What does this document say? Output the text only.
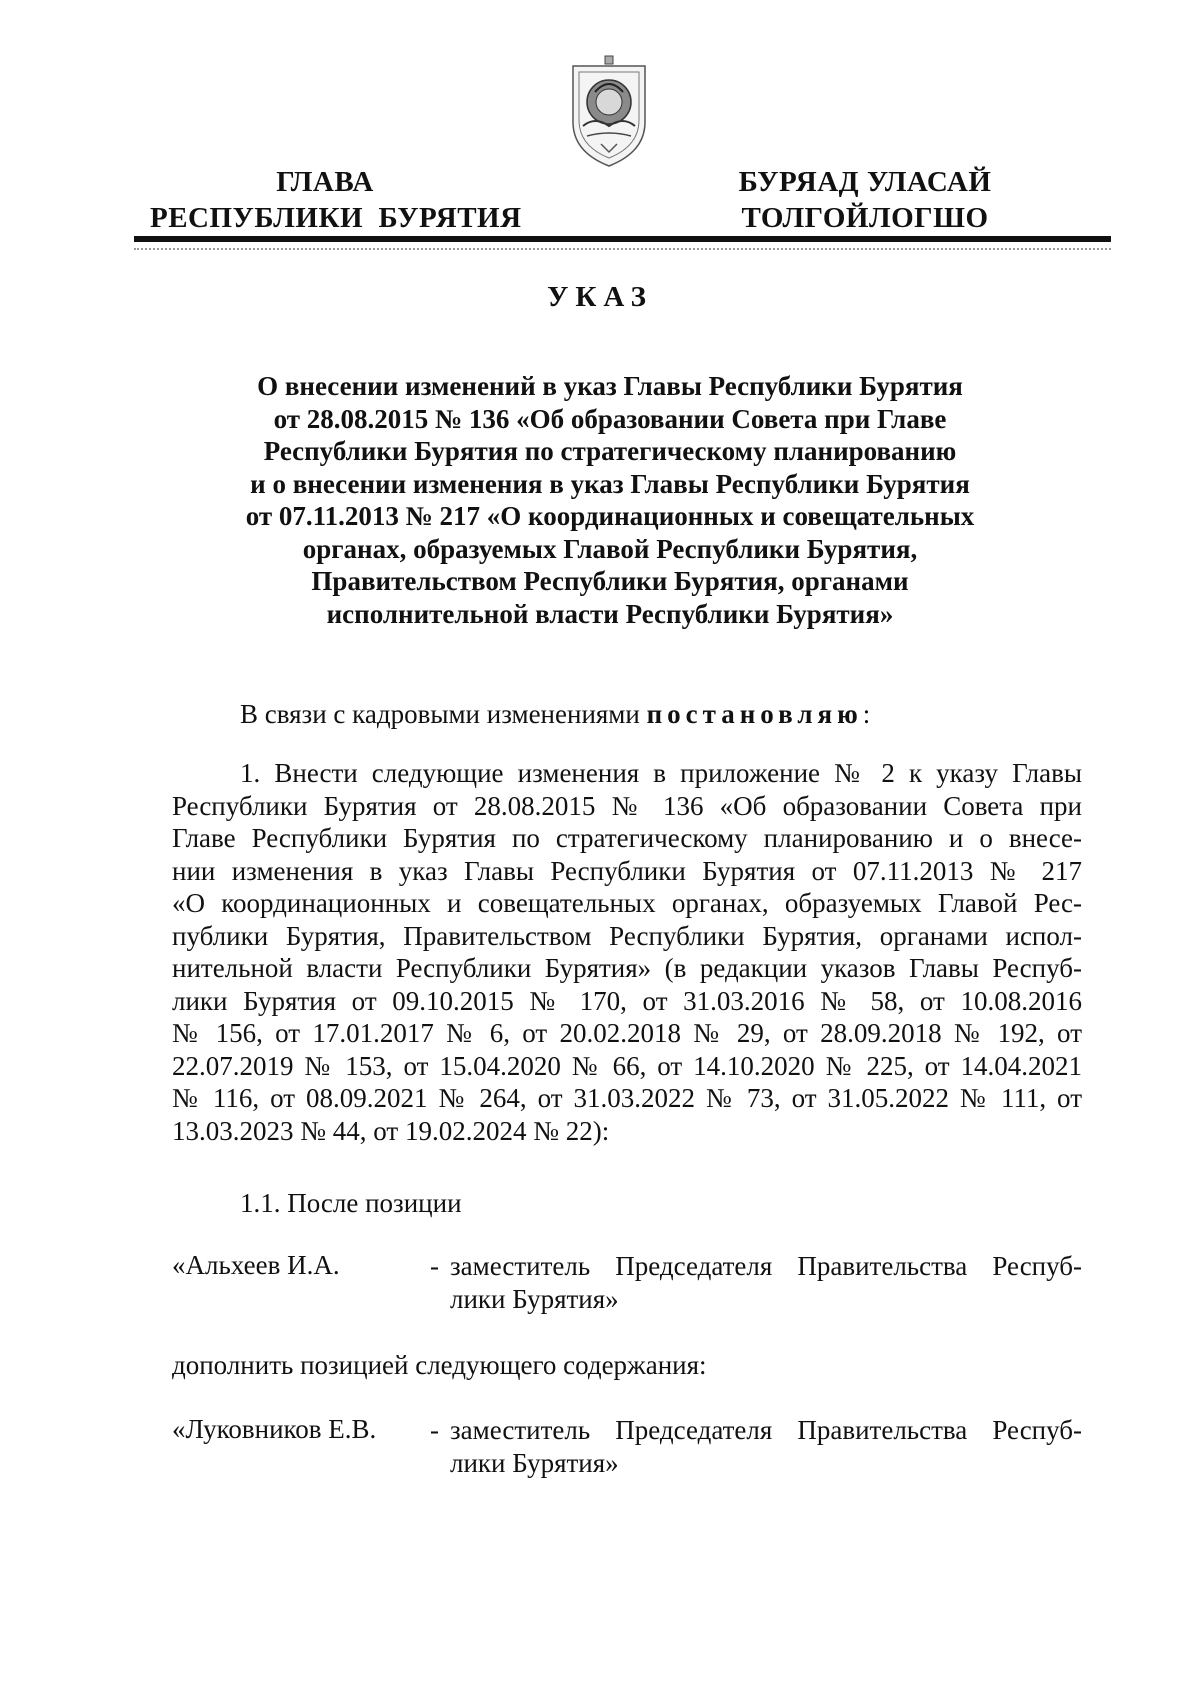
ГЛАВА
РЕСПУБЛИКИ  БУРЯТИЯ
БУРЯАД УЛАСАЙ
ТОЛГОЙЛОГШО
УКАЗ
О внесении изменений в указ Главы Республики Бурятия
от 28.08.2015 № 136 «Об образовании Совета при Главе
Республики Бурятия по стратегическому планированию
и о внесении изменения в указ Главы Республики Бурятия
от 07.11.2013 № 217 «О координационных и совещательных
органах, образуемых Главой Республики Бурятия,
Правительством Республики Бурятия, органами
исполнительной власти Республики Бурятия»
В связи с кадровыми изменениями постановляю:
1. Внести следующие изменения в приложение № 2 к указу Главы
Республики Бурятия от 28.08.2015 № 136 «Об образовании Совета при
Главе Республики Бурятия по стратегическому планированию и о внесе-
нии изменения в указ Главы Республики Бурятия от 07.11.2013 № 217
«О координационных и совещательных органах, образуемых Главой Рес-
публики Бурятия, Правительством Республики Бурятия, органами испол-
нительной власти Республики Бурятия» (в редакции указов Главы Респуб-
лики Бурятия от 09.10.2015 № 170, от 31.03.2016 № 58, от 10.08.2016
№ 156, от 17.01.2017 № 6, от 20.02.2018 № 29, от 28.09.2018 № 192, от
22.07.2019 № 153, от 15.04.2020 № 66, от 14.10.2020 № 225, от 14.04.2021
№ 116, от 08.09.2021 № 264, от 31.03.2022 № 73, от 31.05.2022 № 111, от
13.03.2023 № 44, от 19.02.2024 № 22):
1.1. После позиции
«Альхеев И.А.	- заместитель Председателя Правительства Респуб-
лики Бурятия»
дополнить позицией следующего содержания:
«Луковников Е.В. - заместитель Председателя Правительства Респуб-
лики Бурятия»
